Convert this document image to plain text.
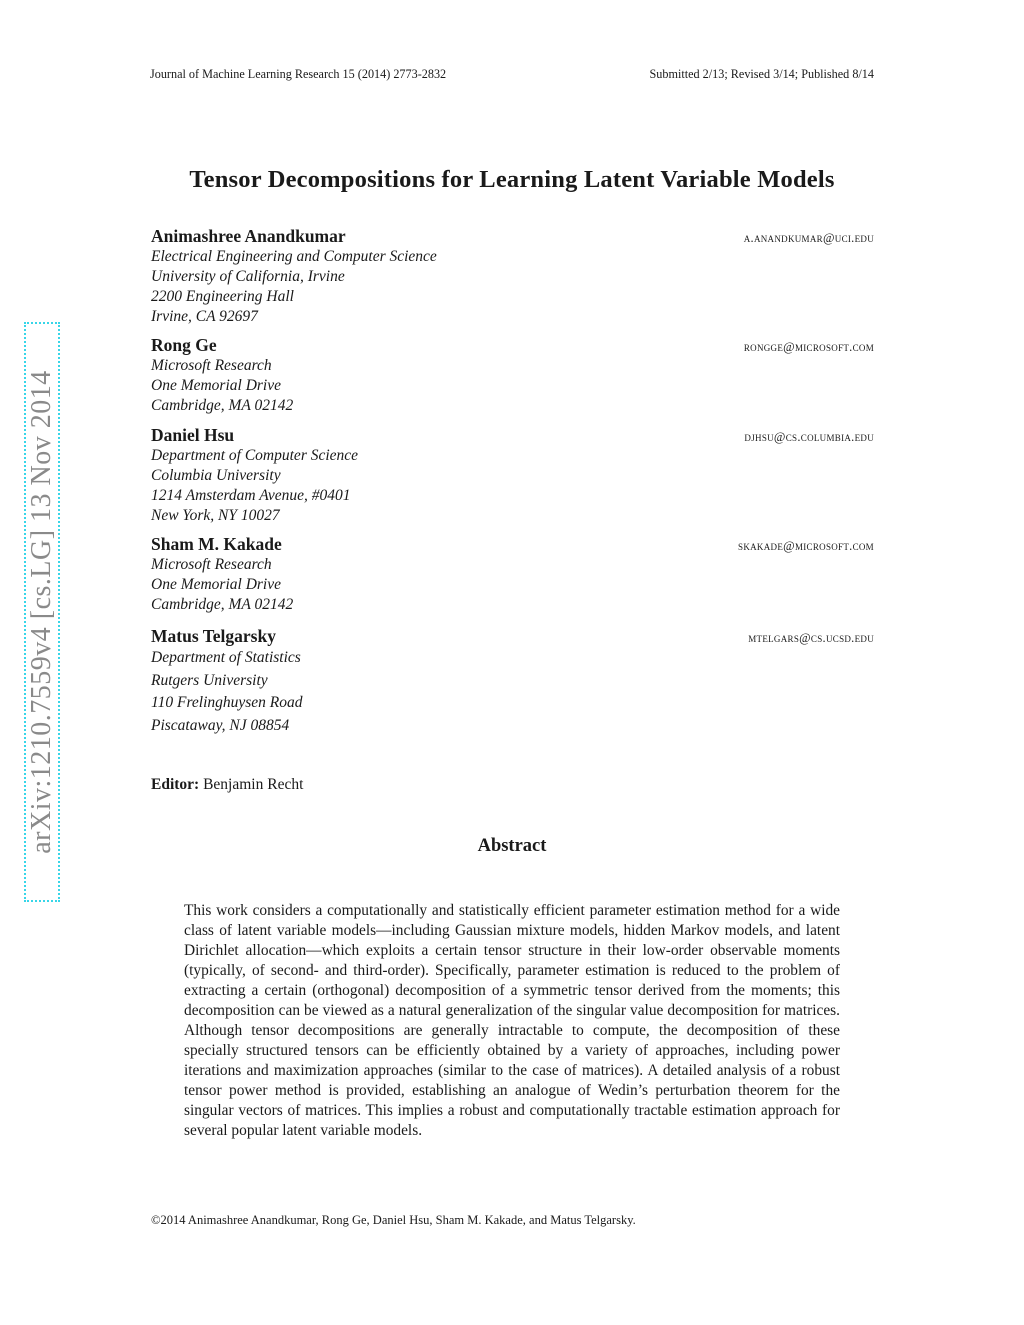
Journal of Machine Learning Research 15 (2014) 2773-2832	Submitted 2/13; Revised 3/14; Published 8/14
arXiv:1210.7559v4 [cs.LG] 13 Nov 2014
Tensor Decompositions for Learning Latent Variable Models
Animashree Anandkumar	a.anandkumar@uci.edu
Electrical Engineering and Computer Science
University of California, Irvine
2200 Engineering Hall
Irvine, CA 92697
Rong Ge	rongge@microsoft.com
Microsoft Research
One Memorial Drive
Cambridge, MA 02142
Daniel Hsu	djhsu@cs.columbia.edu
Department of Computer Science
Columbia University
1214 Amsterdam Avenue, #0401
New York, NY 10027
Sham M. Kakade	skakade@microsoft.com
Microsoft Research
One Memorial Drive
Cambridge, MA 02142
Matus Telgarsky	mtelgars@cs.ucsd.edu
Department of Statistics
Rutgers University
110 Frelinghuysen Road
Piscataway, NJ 08854
Editor: Benjamin Recht
Abstract
This work considers a computationally and statistically efficient parameter estimation method for a wide class of latent variable models—including Gaussian mixture models, hidden Markov models, and latent Dirichlet allocation—which exploits a certain tensor structure in their low-order observable moments (typically, of second- and third-order). Specifically, parameter estimation is reduced to the problem of extracting a certain (orthogonal) decomposition of a symmetric tensor derived from the moments; this decomposition can be viewed as a natural generalization of the singular value decomposition for matrices. Although tensor decompositions are generally intractable to compute, the decomposition of these specially structured tensors can be efficiently obtained by a variety of approaches, including power iterations and maximization approaches (similar to the case of matrices). A detailed analysis of a robust tensor power method is provided, establishing an analogue of Wedin’s perturbation theorem for the singular vectors of matrices. This implies a robust and computationally tractable estimation approach for several popular latent variable models.
©2014 Animashree Anandkumar, Rong Ge, Daniel Hsu, Sham M. Kakade, and Matus Telgarsky.
